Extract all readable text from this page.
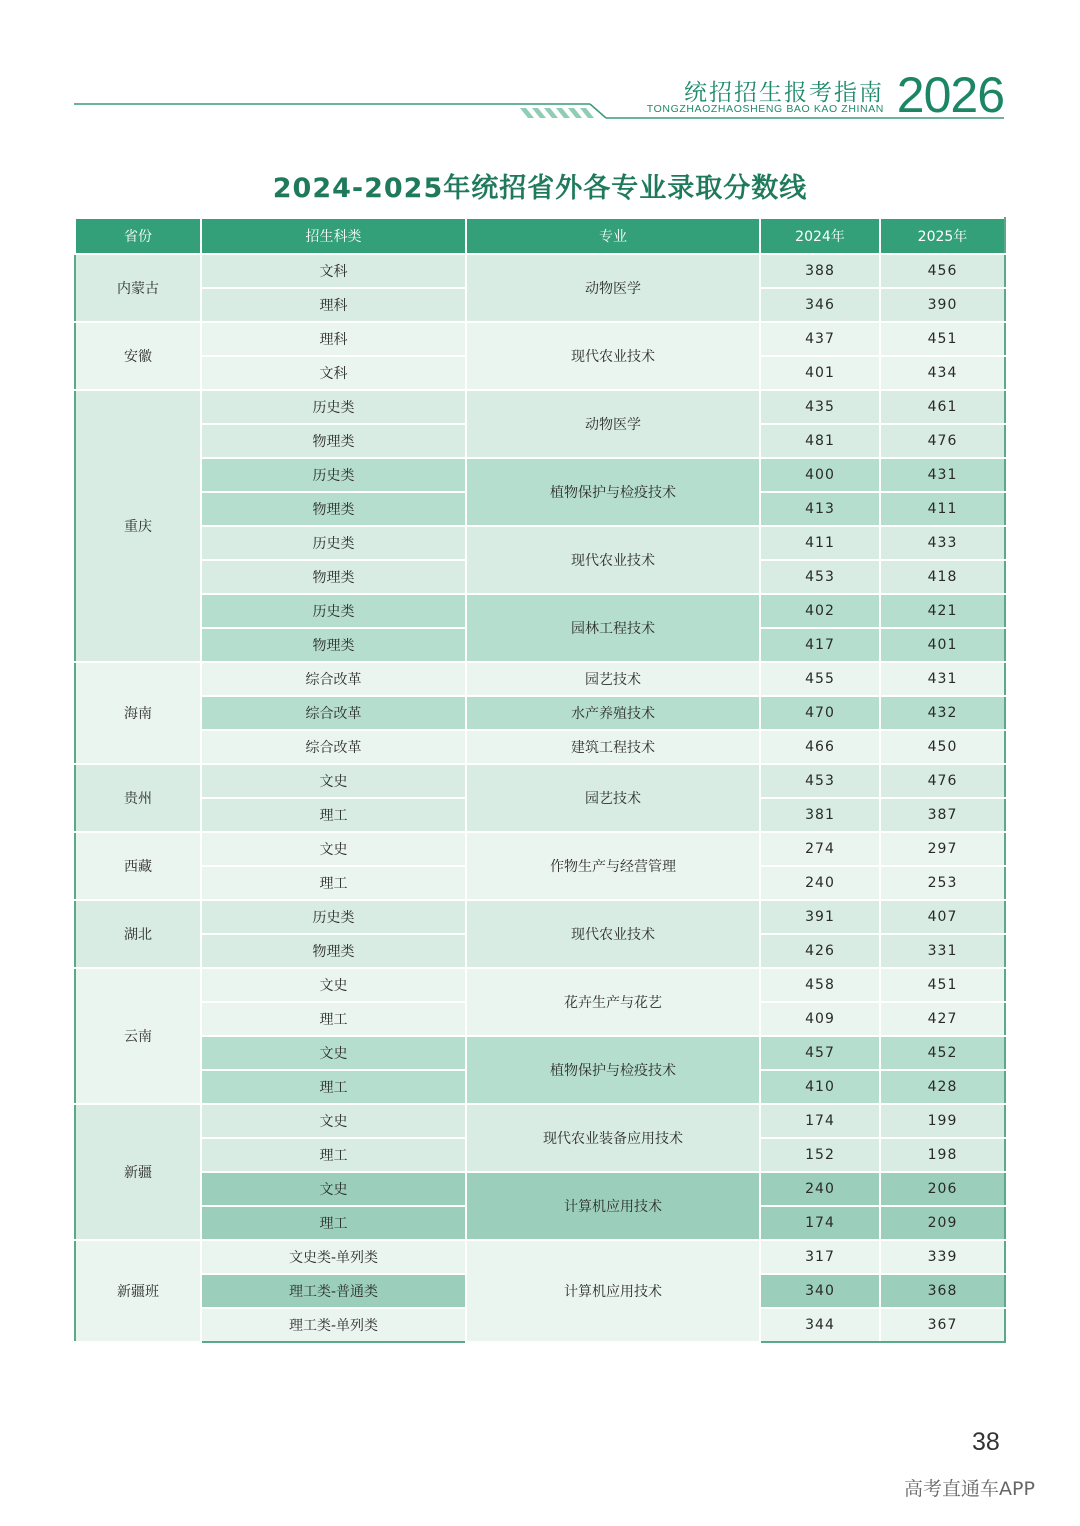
统招招生报考指南
TONGZHAOZHAOSHENG BAO KAO ZHINAN 2026
2024-2025年统招省外各专业录取分数线
省份	招生科类	专业	2024年	2025年
内蒙古	文科	动物医学	388	456
	理科		346	390
安徽	理科	现代农业技术	437	451
	文科		401	434
重庆	历史类	动物医学	435	461
	物理类		481	476
	历史类	植物保护与检疫技术	400	431
	物理类		413	411
	历史类	现代农业技术	411	433
	物理类		453	418
	历史类	园林工程技术	402	421
	物理类		417	401
海南	综合改革	园艺技术	455	431
	综合改革	水产养殖技术	470	432
	综合改革	建筑工程技术	466	450
贵州	文史	园艺技术	453	476
	理工		381	387
西藏	文史	作物生产与经营管理	274	297
	理工		240	253
湖北	历史类	现代农业技术	391	407
	物理类		426	331
云南	文史	花卉生产与花艺	458	451
	理工		409	427
	文史	植物保护与检疫技术	457	452
	理工		410	428
新疆	文史	现代农业装备应用技术	174	199
	理工		152	198
	文史	计算机应用技术	240	206
	理工		174	209
新疆班	文史类-单列类	计算机应用技术	317	339
	理工类-普通类		340	368
	理工类-单列类		344	367
38
高考直通车APP
